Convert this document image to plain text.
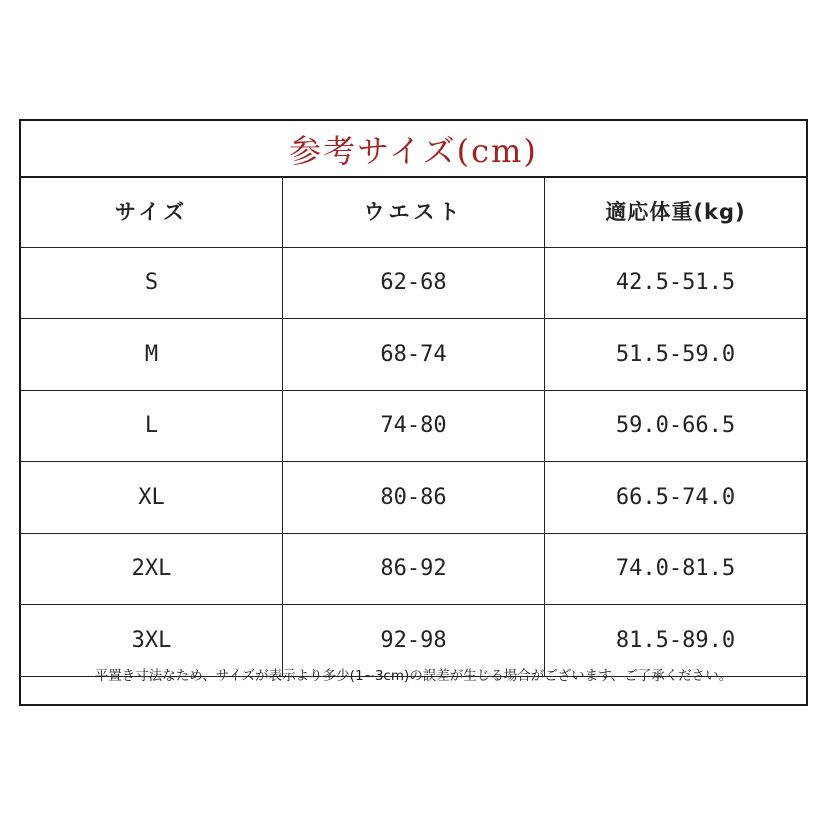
参考サイズ(cm)
サイズ	ウエスト	適応体重(kg)
S	62-68	42.5-51.5
M	68-74	51.5-59.0
L	74-80	59.0-66.5
XL	80-86	66.5-74.0
2XL	86-92	74.0-81.5
3XL	92-98	81.5-89.0
平置き寸法なため、サイズが表示より多少(1~3cm)の誤差が生じる場合がございます、ご了承ください。
